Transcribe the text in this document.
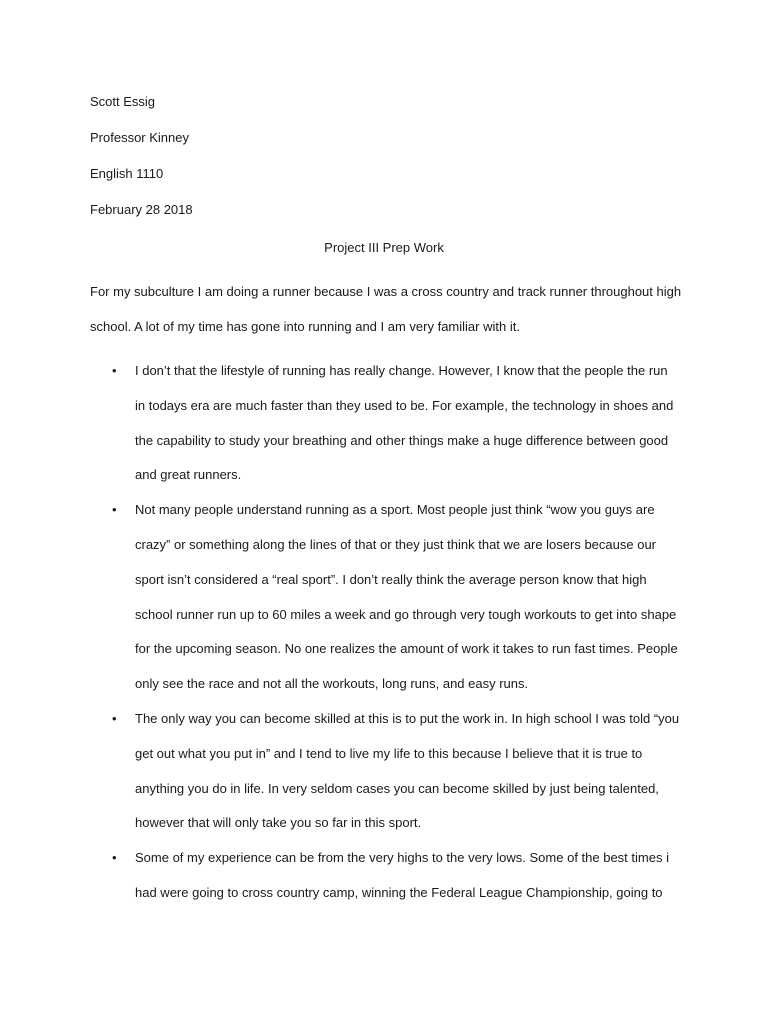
Scott Essig

Professor Kinney

English 1110

February 28 2018

Project III Prep Work

For my subculture I am doing a runner because I was a cross country and track runner throughout high school. A lot of my time has gone into running and I am very familiar with it.

• I don’t that the lifestyle of running has really change. However, I know that the people the run in todays era are much faster than they used to be. For example, the technology in shoes and the capability to study your breathing and other things make a huge difference between good and great runners.
• Not many people understand running as a sport. Most people just think “wow you guys are crazy” or something along the lines of that or they just think that we are losers because our sport isn’t considered a “real sport”. I don’t really think the average person know that high school runner run up to 60 miles a week and go through very tough workouts to get into shape for the upcoming season. No one realizes the amount of work it takes to run fast times. People only see the race and not all the workouts, long runs, and easy runs.
• The only way you can become skilled at this is to put the work in. In high school I was told “you get out what you put in” and I tend to live my life to this because I believe that it is true to anything you do in life. In very seldom cases you can become skilled by just being talented, however that will only take you so far in this sport.
• Some of my experience can be from the very highs to the very lows. Some of the best times i had were going to cross country camp, winning the Federal League Championship, going to
